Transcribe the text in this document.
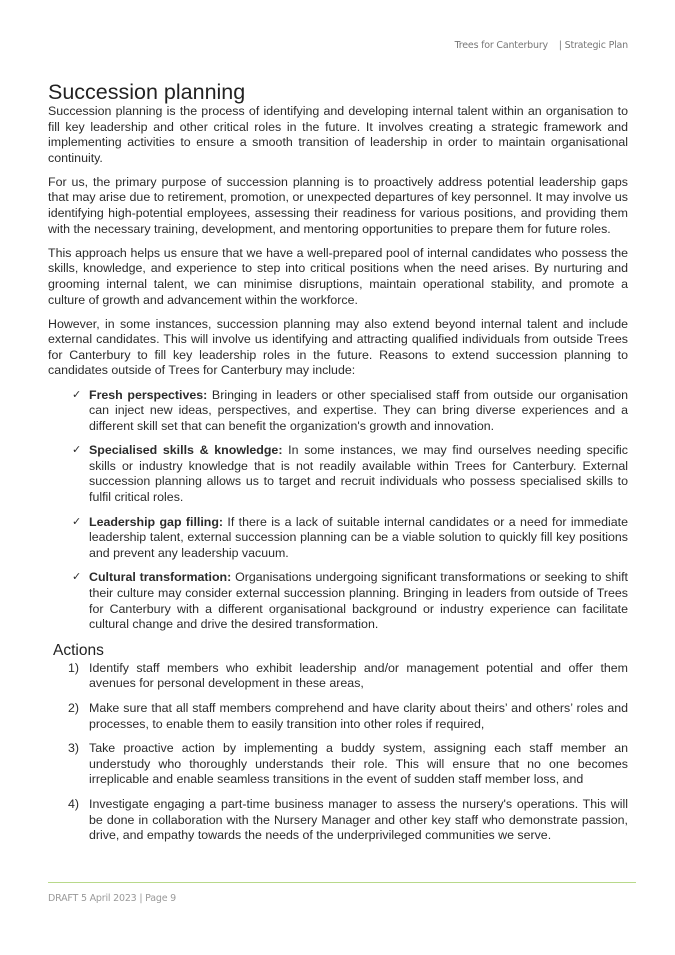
Trees for Canterbury | Strategic Plan
Succession planning

Succession planning is the process of identifying and developing internal talent within an organisation to fill key leadership and other critical roles in the future. It involves creating a strategic framework and implementing activities to ensure a smooth transition of leadership in order to maintain organisational continuity.

For us, the primary purpose of succession planning is to proactively address potential leadership gaps that may arise due to retirement, promotion, or unexpected departures of key personnel. It may involve us identifying high-potential employees, assessing their readiness for various positions, and providing them with the necessary training, development, and mentoring opportunities to prepare them for future roles.

This approach helps us ensure that we have a well-prepared pool of internal candidates who possess the skills, knowledge, and experience to step into critical positions when the need arises. By nurturing and grooming internal talent, we can minimise disruptions, maintain operational stability, and promote a culture of growth and advancement within the workforce.

However, in some instances, succession planning may also extend beyond internal talent and include external candidates. This will involve us identifying and attracting qualified individuals from outside Trees for Canterbury to fill key leadership roles in the future. Reasons to extend succession planning to candidates outside of Trees for Canterbury may include:

✓ Fresh perspectives: Bringing in leaders or other specialised staff from outside our organisation can inject new ideas, perspectives, and expertise. They can bring diverse experiences and a different skill set that can benefit the organization's growth and innovation.
✓ Specialised skills & knowledge: In some instances, we may find ourselves needing specific skills or industry knowledge that is not readily available within Trees for Canterbury. External succession planning allows us to target and recruit individuals who possess specialised skills to fulfil critical roles.
✓ Leadership gap filling: If there is a lack of suitable internal candidates or a need for immediate leadership talent, external succession planning can be a viable solution to quickly fill key positions and prevent any leadership vacuum.
✓ Cultural transformation: Organisations undergoing significant transformations or seeking to shift their culture may consider external succession planning. Bringing in leaders from outside of Trees for Canterbury with a different organisational background or industry experience can facilitate cultural change and drive the desired transformation.
Actions
1) Identify staff members who exhibit leadership and/or management potential and offer them avenues for personal development in these areas,
2) Make sure that all staff members comprehend and have clarity about theirs’ and others’ roles and processes, to enable them to easily transition into other roles if required,
3) Take proactive action by implementing a buddy system, assigning each staff member an understudy who thoroughly understands their role. This will ensure that no one becomes irreplicable and enable seamless transitions in the event of sudden staff member loss, and
4) Investigate engaging a part-time business manager to assess the nursery's operations. This will be done in collaboration with the Nursery Manager and other key staff who demonstrate passion, drive, and empathy towards the needs of the underprivileged communities we serve.
DRAFT 5 April 2023 | Page 9
